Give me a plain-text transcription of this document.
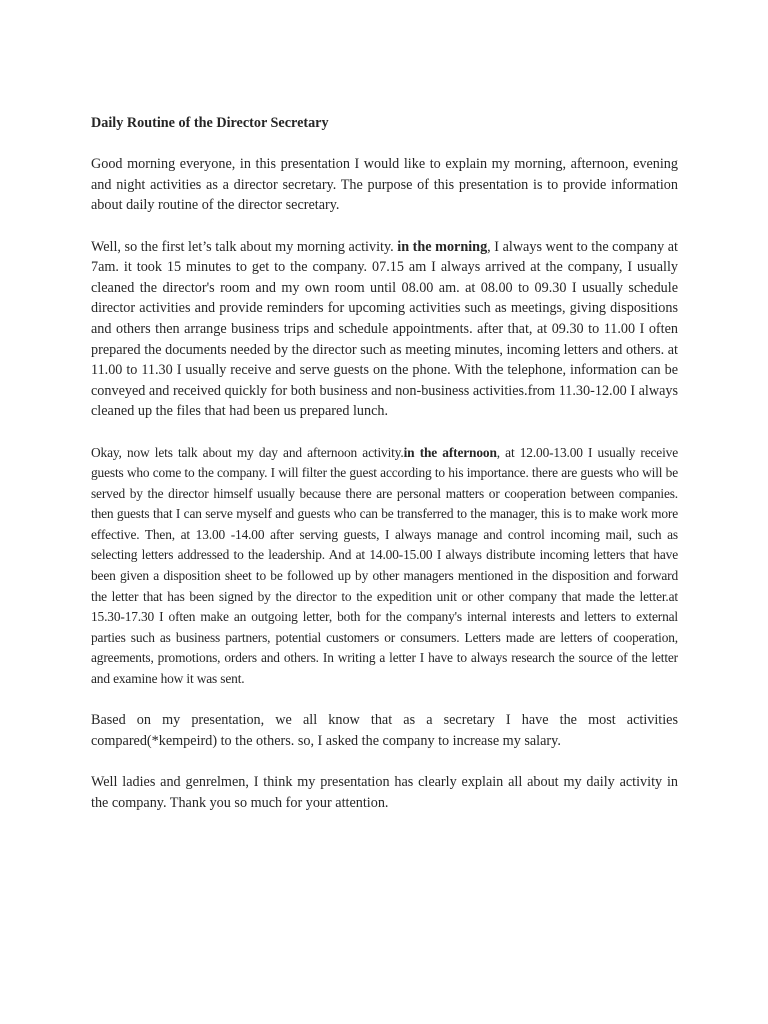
Daily Routine of the Director Secretary

Good morning everyone, in this presentation I would like to explain my morning, afternoon, evening and night activities as a director secretary. The purpose of this presentation is to provide information about daily routine of the director secretary.

Well, so the first let’s talk about my morning activity. in the morning, I always went to the company at 7am. it took 15 minutes to get to the company. 07.15 am I always arrived at the company, I usually cleaned the director's room and my own room until 08.00 am. at 08.00 to 09.30 I usually schedule director activities and provide reminders for upcoming activities such as meetings, giving dispositions and others then arrange business trips and schedule appointments. after that, at 09.30 to 11.00 I often prepared the documents needed by the director such as meeting minutes, incoming letters and others. at 11.00 to 11.30 I usually receive and serve guests on the phone. With the telephone, information can be conveyed and received quickly for both business and non-business activities.from 11.30-12.00 I always cleaned up the files that had been us prepared lunch.

Okay, now lets talk about my day and afternoon activity.in the afternoon, at 12.00-13.00 I usually receive guests who come to the company. I will filter the guest according to his importance. there are guests who will be served by the director himself usually because there are personal matters or cooperation between companies. then guests that I can serve myself and guests who can be transferred to the manager, this is to make work more effective. Then, at 13.00 -14.00 after serving guests, I always manage and control incoming mail, such as selecting letters addressed to the leadership. And at 14.00-15.00 I always distribute incoming letters that have been given a disposition sheet to be followed up by other managers mentioned in the disposition and forward the letter that has been signed by the director to the expedition unit or other company that made the letter.at 15.30-17.30 I often make an outgoing letter, both for the company's internal interests and letters to external parties such as business partners, potential customers or consumers. Letters made are letters of cooperation, agreements, promotions, orders and others. In writing a letter I have to always research the source of the letter and examine how it was sent.

Based on my presentation, we all know that as a secretary I have the most activities compared(*kempeird) to the others. so, I asked the company to increase my salary.

Well ladies and genrelmen, I think my presentation has clearly explain all about my daily activity in the company. Thank you so much for your attention.
